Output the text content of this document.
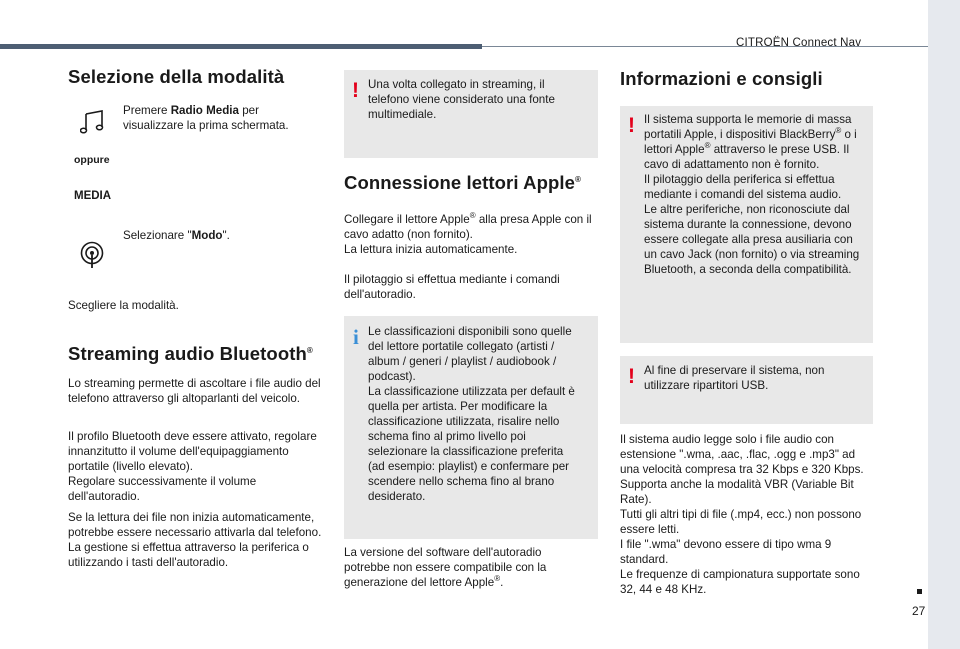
CITROËN Connect Nav
27
Selezione della modalità
Premere Radio Media per visualizzare la prima schermata.
oppure
MEDIA
Selezionare "Modo".
Scegliere la modalità.
Streaming audio Bluetooth®
Lo streaming permette di ascoltare i file audio del telefono attraverso gli altoparlanti del veicolo.
Il profilo Bluetooth deve essere attivato, regolare innanzitutto il volume dell'equipaggiamento portatile (livello elevato).
Regolare successivamente il volume dell'autoradio.
Se la lettura dei file non inizia automaticamente, potrebbe essere necessario attivarla dal telefono.
La gestione si effettua attraverso la periferica o utilizzando i tasti dell'autoradio.
! Una volta collegato in streaming, il telefono viene considerato una fonte multimediale.
Connessione lettori Apple®
Collegare il lettore Apple® alla presa Apple con il cavo adatto (non fornito).
La lettura inizia automaticamente.
Il pilotaggio si effettua mediante i comandi dell'autoradio.
i Le classificazioni disponibili sono quelle del lettore portatile collegato (artisti / album / generi / playlist / audiobook / podcast).
La classificazione utilizzata per default è quella per artista. Per modificare la classificazione utilizzata, risalire nello schema fino al primo livello poi selezionare la classificazione preferita (ad esempio: playlist) e confermare per scendere nello schema fino al brano desiderato.
La versione del software dell'autoradio potrebbe non essere compatibile con la generazione del lettore Apple®.
Informazioni e consigli
! Il sistema supporta le memorie di massa portatili Apple, i dispositivi BlackBerry® o i lettori Apple® attraverso le prese USB. Il cavo di adattamento non è fornito.
Il pilotaggio della periferica si effettua mediante i comandi del sistema audio.
Le altre periferiche, non riconosciute dal sistema durante la connessione, devono essere collegate alla presa ausiliaria con un cavo Jack (non fornito) o via streaming Bluetooth, a seconda della compatibilità.
! Al fine di preservare il sistema, non utilizzare ripartitori USB.
Il sistema audio legge solo i file audio con estensione ".wma, .aac, .flac, .ogg e .mp3" ad una velocità compresa tra 32 Kbps e 320 Kbps.
Supporta anche la modalità VBR (Variable Bit Rate).
Tutti gli altri tipi di file (.mp4, ecc.) non possono essere letti.
I file ".wma" devono essere di tipo wma 9 standard.
Le frequenze di campionatura supportate sono 32, 44 e 48 KHz.
